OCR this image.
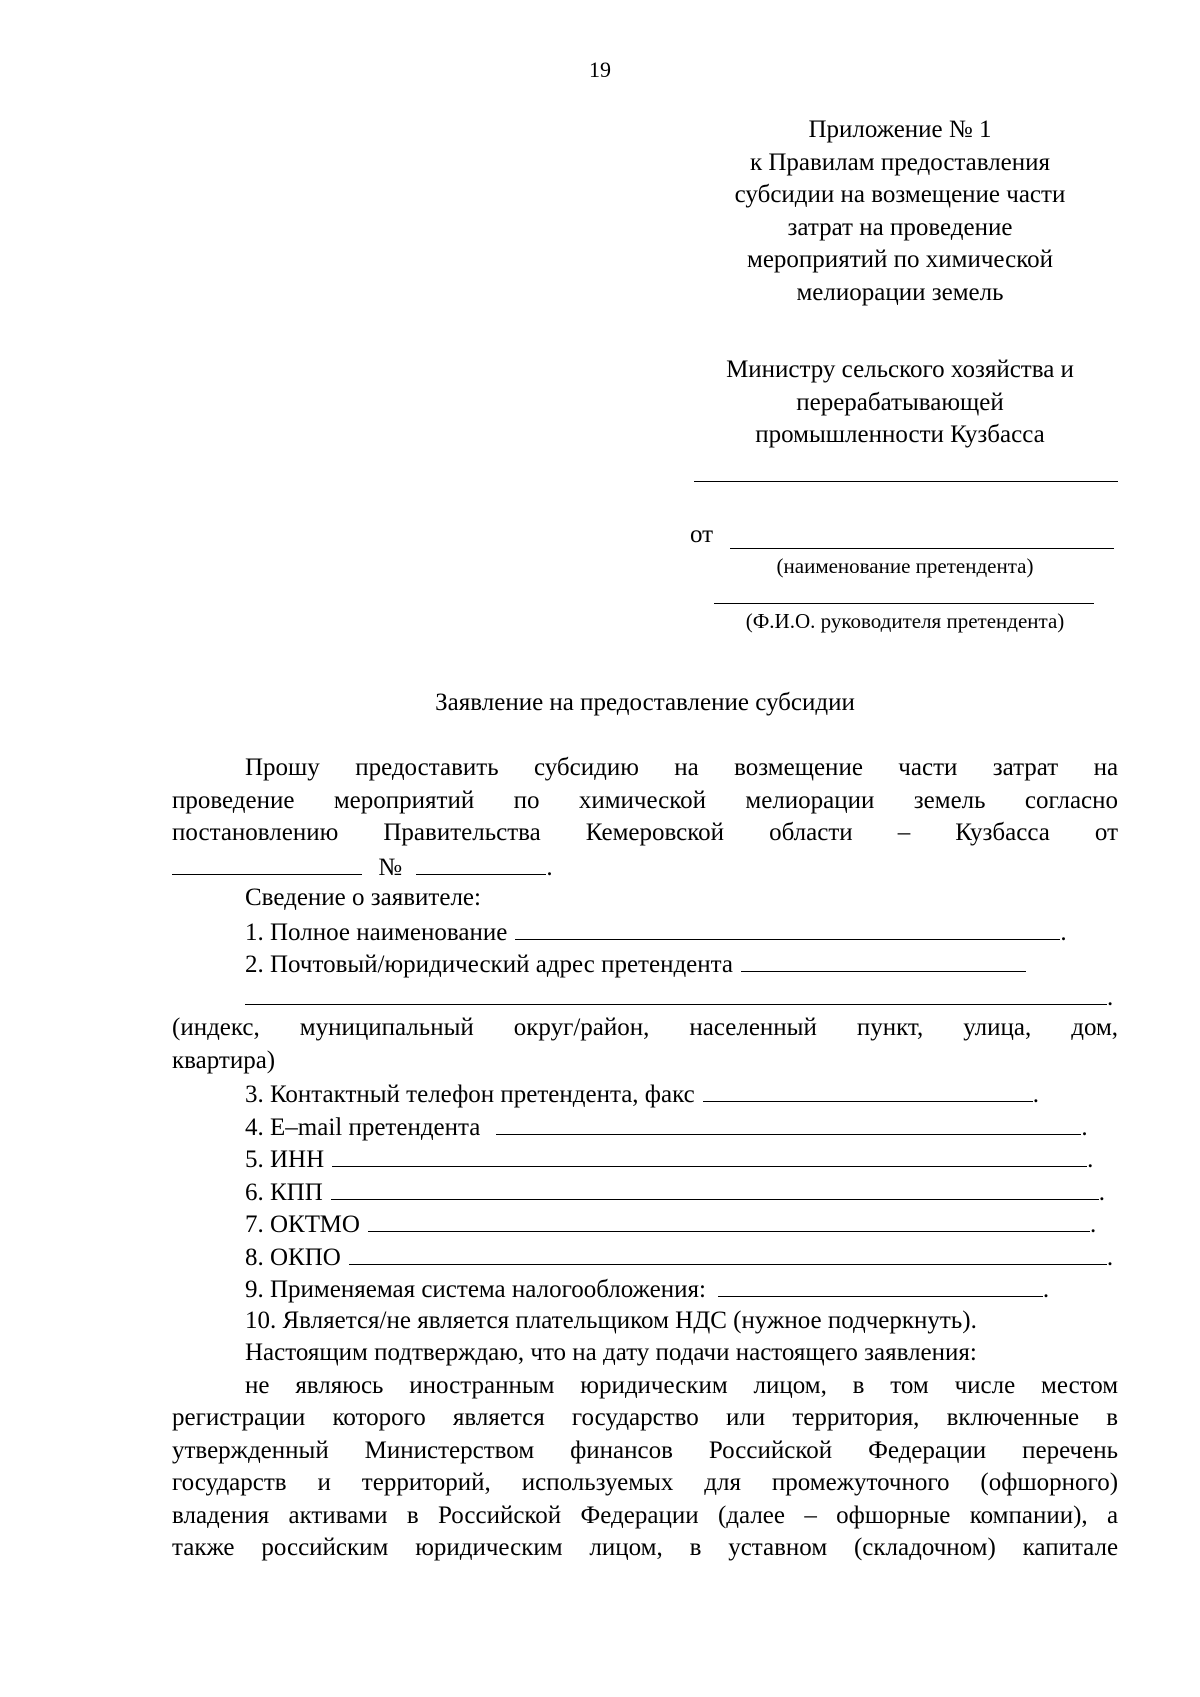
19
Приложение № 1
к Правилам предоставления
субсидии на возмещение части
затрат на проведение
мероприятий по химической
мелиорации земель
Министру сельского хозяйства и
перерабатывающей
промышленности Кузбасса
от
(наименование претендента)
(Ф.И.О. руководителя претендента)
Заявление на предоставление субсидии
Прошу предоставить субсидию на возмещение части затрат на
проведение мероприятий по химической мелиорации земель согласно
постановлению Правительства Кемеровской области – Кузбасса от
№	.
Сведение о заявителе:
1. Полное наименование	.
2. Почтовый/юридический адрес претендента
.
(индекс, муниципальный округ/район, населенный пункт, улица, дом,
квартира)
3. Контактный телефон претендента, факс	.
4. E–mail претендента	.
5. ИНН	.
6. КПП	.
7. ОКТМО	.
8. ОКПО	.
9. Применяемая система налогообложения:	.
10. Является/не является плательщиком НДС (нужное подчеркнуть).
Настоящим подтверждаю, что на дату подачи настоящего заявления:
не являюсь иностранным юридическим лицом, в том числе местом
регистрации которого является государство или территория, включенные в
утвержденный Министерством финансов Российской Федерации перечень
государств и территорий, используемых для промежуточного (офшорного)
владения активами в Российской Федерации (далее – офшорные компании), а
также российским юридическим лицом, в уставном (складочном) капитале
